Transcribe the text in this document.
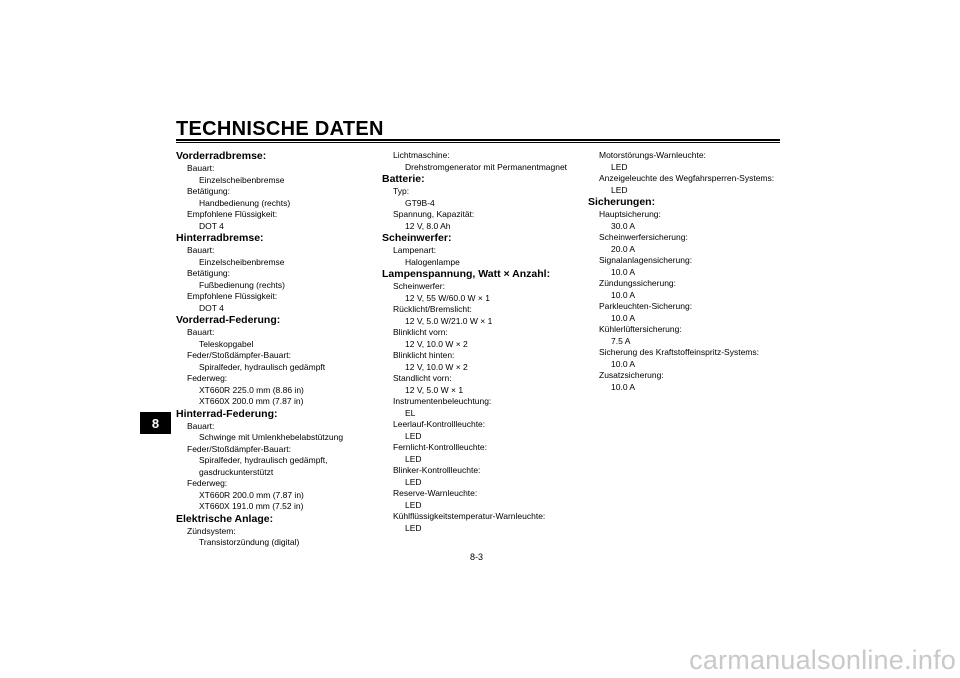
TECHNISCHE DATEN
8
Vorderradbremse:
Bauart:
Einzelscheibenbremse
Betätigung:
Handbedienung (rechts)
Empfohlene Flüssigkeit:
DOT 4
Hinterradbremse:
Bauart:
Einzelscheibenbremse
Betätigung:
Fußbedienung (rechts)
Empfohlene Flüssigkeit:
DOT 4
Vorderrad-Federung:
Bauart:
Teleskopgabel
Feder/Stoßdämpfer-Bauart:
Spiralfeder, hydraulisch gedämpft
Federweg:
XT660R 225.0 mm (8.86 in)
XT660X 200.0 mm (7.87 in)
Hinterrad-Federung:
Bauart:
Schwinge mit Umlenkhebelabstützung
Feder/Stoßdämpfer-Bauart:
Spiralfeder, hydraulisch gedämpft,
gasdruckunterstützt
Federweg:
XT660R 200.0 mm (7.87 in)
XT660X 191.0 mm (7.52 in)
Elektrische Anlage:
Zündsystem:
Transistorzündung (digital)
Lichtmaschine:
Drehstromgenerator mit Permanentmagnet
Batterie:
Typ:
GT9B-4
Spannung, Kapazität:
12 V, 8.0 Ah
Scheinwerfer:
Lampenart:
Halogenlampe
Lampenspannung, Watt × Anzahl:
Scheinwerfer:
12 V, 55 W/60.0 W × 1
Rücklicht/Bremslicht:
12 V, 5.0 W/21.0 W × 1
Blinklicht vorn:
12 V, 10.0 W × 2
Blinklicht hinten:
12 V, 10.0 W × 2
Standlicht vorn:
12 V, 5.0 W × 1
Instrumentenbeleuchtung:
EL
Leerlauf-Kontrollleuchte:
LED
Fernlicht-Kontrollleuchte:
LED
Blinker-Kontrollleuchte:
LED
Reserve-Warnleuchte:
LED
Kühlflüssigkeitstemperatur-Warnleuchte:
LED
Motorstörungs-Warnleuchte:
LED
Anzeigeleuchte des Wegfahrsperren-Systems:
LED
Sicherungen:
Hauptsicherung:
30.0 A
Scheinwerfersicherung:
20.0 A
Signalanlagensicherung:
10.0 A
Zündungssicherung:
10.0 A
Parkleuchten-Sicherung:
10.0 A
Kühlerlüftersicherung:
7.5 A
Sicherung des Kraftstoffeinspritz-Systems:
10.0 A
Zusatzsicherung:
10.0 A
8-3
carmanualsonline.info
